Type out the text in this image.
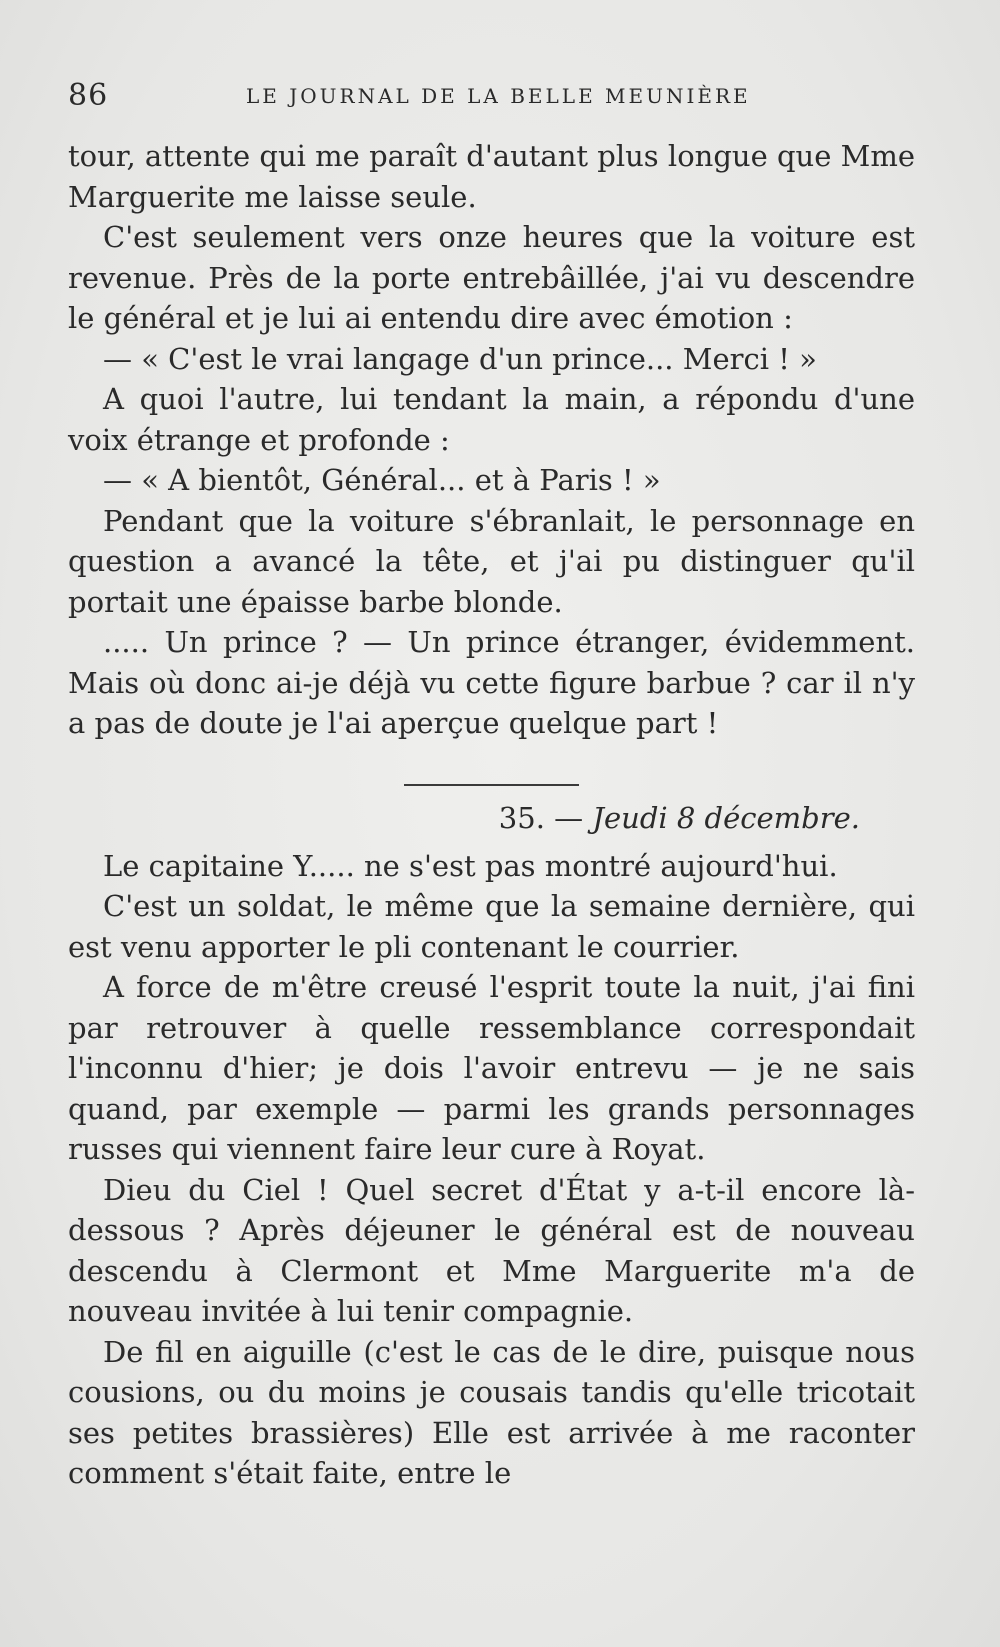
86	LE JOURNAL DE LA BELLE MEUNIÈRE

tour, attente qui me paraît d'autant plus longue que Mme Marguerite me laisse seule.

C'est seulement vers onze heures que la voiture est revenue. Près de la porte entrebâillée, j'ai vu descendre le général et je lui ai entendu dire avec émotion :

— « C'est le vrai langage d'un prince... Merci ! »

A quoi l'autre, lui tendant la main, a répondu d'une voix étrange et profonde :

— « A bientôt, Général... et à Paris ! »

Pendant que la voiture s'ébranlait, le personnage en question a avancé la tête, et j'ai pu distinguer qu'il portait une épaisse barbe blonde.

..... Un prince ? — Un prince étranger, évidemment. Mais où donc ai-je déjà vu cette figure barbue ? car il n'y a pas de doute je l'ai aperçue quelque part !

35. — Jeudi 8 décembre.

Le capitaine Y..... ne s'est pas montré aujourd'hui.

C'est un soldat, le même que la semaine dernière, qui est venu apporter le pli contenant le courrier.

A force de m'être creusé l'esprit toute la nuit, j'ai fini par retrouver à quelle ressemblance correspondait l'inconnu d'hier; je dois l'avoir entrevu — je ne sais quand, par exemple — parmi les grands personnages russes qui viennent faire leur cure à Royat.

Dieu du Ciel ! Quel secret d'État y a-t-il encore là-dessous ? Après déjeuner le général est de nouveau descendu à Clermont et Mme Marguerite m'a de nouveau invitée à lui tenir compagnie.

De fil en aiguille (c'est le cas de le dire, puisque nous cousions, ou du moins je cousais tandis qu'elle tricotait ses petites brassières) Elle est arrivée à me raconter comment s'était faite, entre le
